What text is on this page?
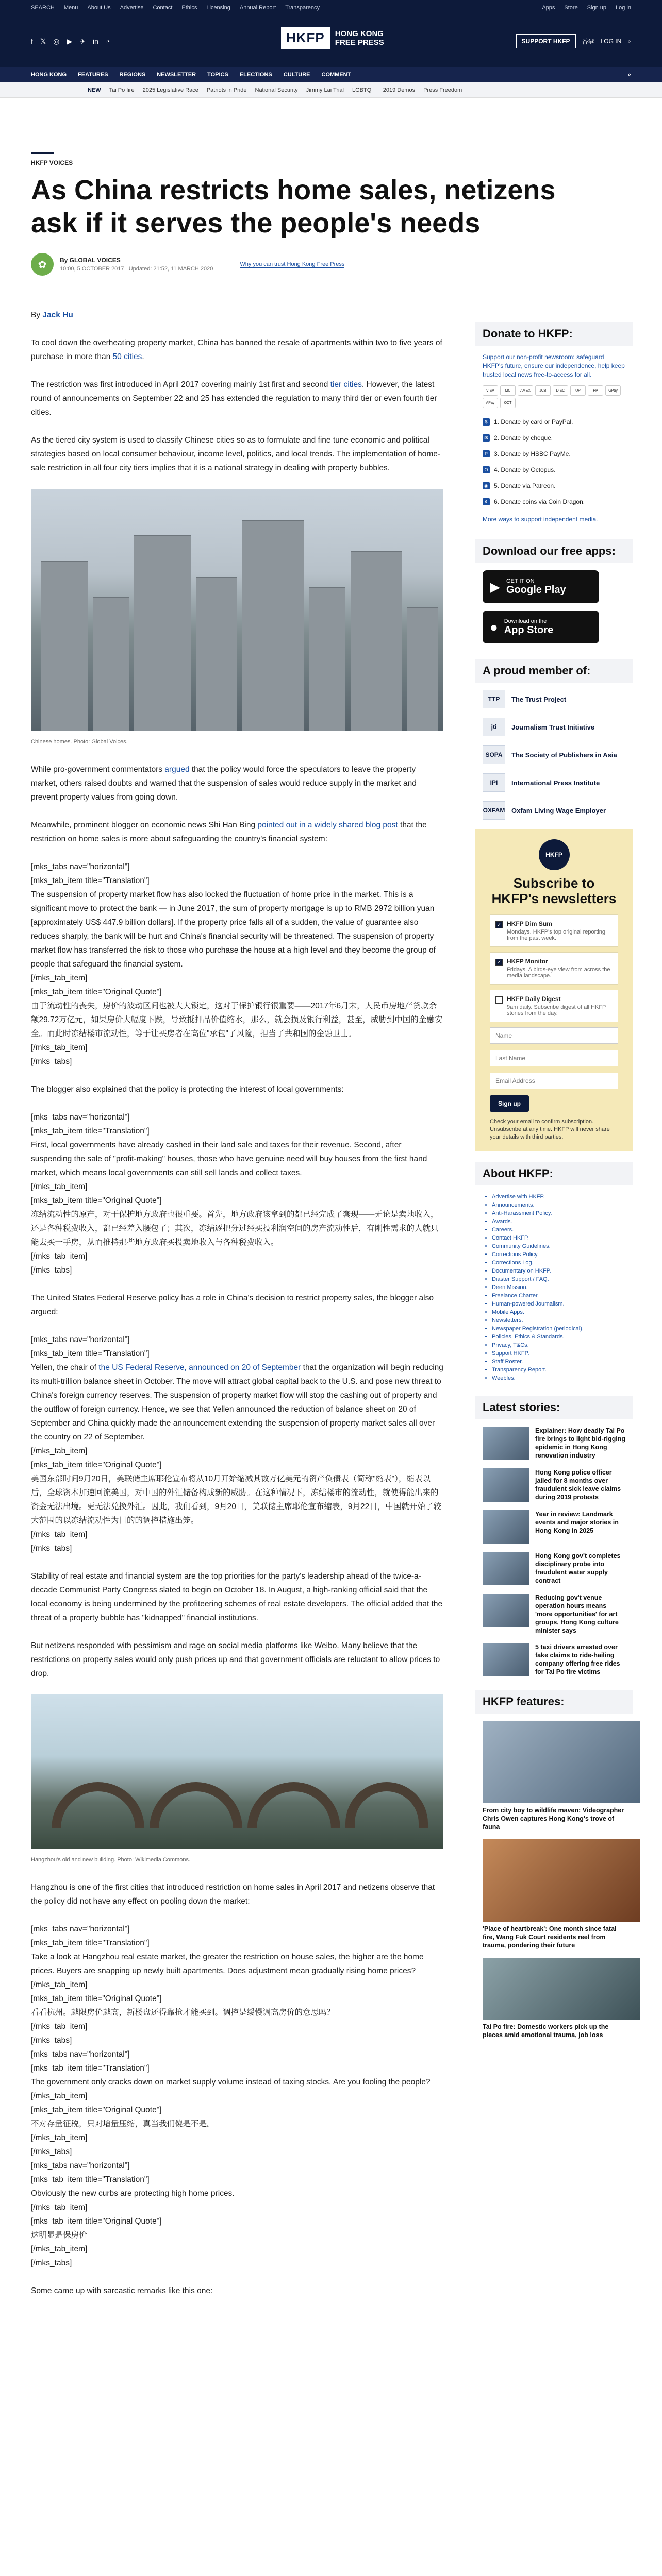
SEARCH Menu About Us Advertise Contact Ethics Licensing Annual Report Transparency	Apps Store Sign up Log in
f 𝕏 ◎ ▶ ✈ in ◔	HKFP	HONG KONG
FREE PRESS	SUPPORT HKFP	香港 LOG IN ⌕
HONG KONG FEATURES REGIONS NEWSLETTER TOPICS ELECTIONS CULTURE COMMENT	⌕
NEW Tai Po fire 2025 Legislative Race Patriots in Pride National Security Jimmy Lai Trial LGBTQ+ 2019 Demos Press Freedom
HKFP VOICES
As China restricts home sales, netizens ask if it serves the people's needs
✿	By GLOBAL VOICES
10:00, 5 OCTOBER 2017 Updated: 21:52, 11 MARCH 2020
Why you can trust Hong Kong Free Press

By Jack Hu

To cool down the overheating property market, China has banned the resale of apartments within two to five years of purchase in more than 50 cities.

The restriction was first introduced in April 2017 covering mainly 1st first and second tier cities. However, the latest round of announcements on September 22 and 25 has extended the regulation to many third tier or even fourth tier cities.

As the tiered city system is used to classify Chinese cities so as to formulate and fine tune economic and political strategies based on local consumer behaviour, income level, politics, and local trends. The implementation of home-sale restriction in all four city tiers implies that it is a national strategy in dealing with property bubbles.

Chinese homes. Photo: Global Voices.

While pro-government commentators argued that the policy would force the speculators to leave the property market, others raised doubts and warned that the suspension of sales would reduce supply in the market and prevent property values from going down.

Meanwhile, prominent blogger on economic news Shi Han Bing pointed out in a widely shared blog post that the restriction on home sales is more about safeguarding the country's financial system:

[mks_tabs nav="horizontal"]
[mks_tab_item title="Translation"]
The suspension of property market flow has also locked the fluctuation of home price in the market. This is a significant move to protect the bank — in June 2017, the sum of property mortgage is up to RMB 2972 billion yuan [approximately US$ 447.9 billion dollars]. If the property price falls all of a sudden, the value of guarantee also reduces sharply, the bank will be hurt and China's financial security will be threatened. The suspension of property market flow has transferred the risk to those who purchase the house at a high level and they become the group of people that safeguard the financial system.
[/mks_tab_item]
[mks_tab_item title="Original Quote"]
由于流动性的丧失，房价的波动区间也被大大锁定，这对于保护银行很重要——2017年6月末，人民币房地产贷款余额29.72万亿元，如果房价大幅度下跌，导致抵押品价值缩水，那么，就会损及银行利益，甚至，威胁到中国的金融安全。而此时冻结楼市流动性，等于让买房者在高位"承包"了风险，担当了共和国的金融卫士。
[/mks_tab_item]
[/mks_tabs]

The blogger also explained that the policy is protecting the interest of local governments:

[mks_tabs nav="horizontal"]
[mks_tab_item title="Translation"]
First, local governments have already cashed in their land sale and taxes for their revenue. Second, after suspending the sale of "profit-making" houses, those who have genuine need will buy houses from the first hand market, which means local governments can still sell lands and collect taxes.
[/mks_tab_item]
[mks_tab_item title="Original Quote"]
冻结流动性的原产，对于保护地方政府也很重要。首先，地方政府该拿到的都已经完成了套现——无论是卖地收入，还是各种税费收入，都已经差入腰包了；其次，冻结逐把分过经买投利润空间的房产流动性后，有刚性需求的人就只能去买一手房，从而推持那些地方政府买投卖地收入与各种税费收入。
[/mks_tab_item]
[/mks_tabs]

The United States Federal Reserve policy has a role in China's decision to restrict property sales, the blogger also argued:

[mks_tabs nav="horizontal"]
[mks_tab_item title="Translation"]
Yellen, the chair of the US Federal Reserve, announced on 20 of September that the organization will begin reducing its multi-trillion balance sheet in October. The move will attract global capital back to the U.S. and pose new threat to China's foreign currency reserves. The suspension of property market flow will stop the cashing out of property and the outflow of foreign currency. Hence, we see that Yellen announced the reduction of balance sheet on 20 of September and China quickly made the announcement extending the suspension of property market sales all over the country on 22 of September.
[/mks_tab_item]
[mks_tab_item title="Original Quote"]
美国东部时间9月20日，美联储主席耶伦宣布将从10月开始缩减其数万亿美元的资产负债表（简称"缩表"），缩表以后，全球资本加速回流美国，对中国的外汇储备构成新的威胁。在这种情况下，冻结楼市的流动性，就使得能出来的资金无法出境。更无法兑换外汇。因此，我们看到，9月20日，美联储主席耶伦宣布缩表，9月22日，中国就开始了较大范围的以冻结流动性为目的的调控措施出笼。
[/mks_tab_item]
[/mks_tabs]

Stability of real estate and financial system are the top priorities for the party's leadership ahead of the twice-a-decade Communist Party Congress slated to begin on October 18. In August, a high-ranking official said that the local economy is being undermined by the profiteering schemes of real estate developers. The official added that the threat of a property bubble has "kidnapped" financial institutions.

But netizens responded with pessimism and rage on social media platforms like Weibo. Many believe that the restrictions on property sales would only push prices up and that government officials are reluctant to allow prices to drop.

Hangzhou's old and new building. Photo: Wikimedia Commons.

Hangzhou is one of the first cities that introduced restriction on home sales in April 2017 and netizens observe that the policy did not have any effect on pooling down the market:

[mks_tabs nav="horizontal"]
[mks_tab_item title="Translation"]
Take a look at Hangzhou real estate market, the greater the restriction on house sales, the higher are the home prices. Buyers are snapping up newly built apartments. Does adjustment mean gradually rising home prices?
[/mks_tab_item]
[mks_tab_item title="Original Quote"]
看看杭州。越限房价越高，新楼盘还得靠抢才能买到。调控是缓慢调高房价的意思吗？
[/mks_tab_item]
[/mks_tabs]
[mks_tabs nav="horizontal"]
[mks_tab_item title="Translation"]
The government only cracks down on market supply volume instead of taxing stocks. Are you fooling the people?
[/mks_tab_item]
[mks_tab_item title="Original Quote"]
不对存量征税，只对增量压缩，真当我们傻是不是。
[/mks_tab_item]
[/mks_tabs]
[mks_tabs nav="horizontal"]
[mks_tab_item title="Translation"]
Obviously the new curbs are protecting high home prices.
[/mks_tab_item]
[mks_tab_item title="Original Quote"]
这明显是保房价
[/mks_tab_item]
[/mks_tabs]

Some came up with sarcastic remarks like this one:

Donate to HKFP:

Support our non-profit newsroom: safeguard HKFP's future, ensure our independence, help keep trusted local news free-to-access for all.

VISA	MC	AMEX	JCB	DISC	UP	PP	GPay
APay	OCT
$	1. Donate by card or PayPal.
✉ 2. Donate by cheque.
P	3. Donate by HSBC PayMe.
O 4. Donate by Octopus.
◉ 5. Donate via Patreon.
¢	6. Donate coins via Coin Dragon.

More ways to support independent media.

Download our free apps:
▶ GET IT ON
Google Play
● Download on the
App Store
A proud member of:
TTP	The Trust Project
jti	Journalism Trust Initiative
SOPA	The Society of Publishers in Asia
IPI	International Press Institute
OXFAM Oxfam Living Wage Employer
HKFP
Subscribe to HKFP's newsletters
✓ HKFP Dim Sum
Mondays. HKFP's top original reporting from the past week.
✓ HKFP Monitor
Fridays. A birds-eye view from across the media landscape.
HKFP Daily Digest
9am daily. Subscribe digest of all HKFP stories from the day.
Name Last Name Email Address Sign up
Check your email to confirm subscription. Unsubscribe at any time. HKFP will never share your details with third parties.
About HKFP:
• Advertise with HKFP.
• Announcements.
• Anti-Harassment Policy.
• Awards.
• Careers.
• Contact HKFP.
• Community Guidelines.
• Corrections Policy.
• Corrections Log.
• Documentary on HKFP.
• Diaster Support / FAQ.
• Deen Mission.
• Freelance Charter.
• Human-powered Journalism.
• Mobile Apps.
• Newsletters.
• Newspaper Registration (periodical).
• Policies, Ethics & Standards.
• Privacy, T&Cs.
• Support HKFP.
• Staff Roster.
• Transparency Report.
• Weebles.
Latest stories:
Explainer: How deadly Tai Po fire brings to light bid-rigging epidemic in Hong Kong renovation industry
Hong Kong police officer jailed for 8 months over fraudulent sick leave claims during 2019 protests
Year in review: Landmark events and major stories in Hong Kong in 2025
Hong Kong gov't completes disciplinary probe into fraudulent water supply contract
Reducing gov't venue operation hours means 'more opportunities' for art groups, Hong Kong culture minister says
5 taxi drivers arrested over fake claims to ride-hailing company offering free rides for Tai Po fire victims
HKFP features:
From city boy to wildlife maven: Videographer Chris Owen captures Hong Kong's trove of fauna
'Place of heartbreak': One month since fatal fire, Wang Fuk Court residents reel from trauma, pondering their future
Tai Po fire: Domestic workers pick up the pieces amid emotional trauma, job loss
